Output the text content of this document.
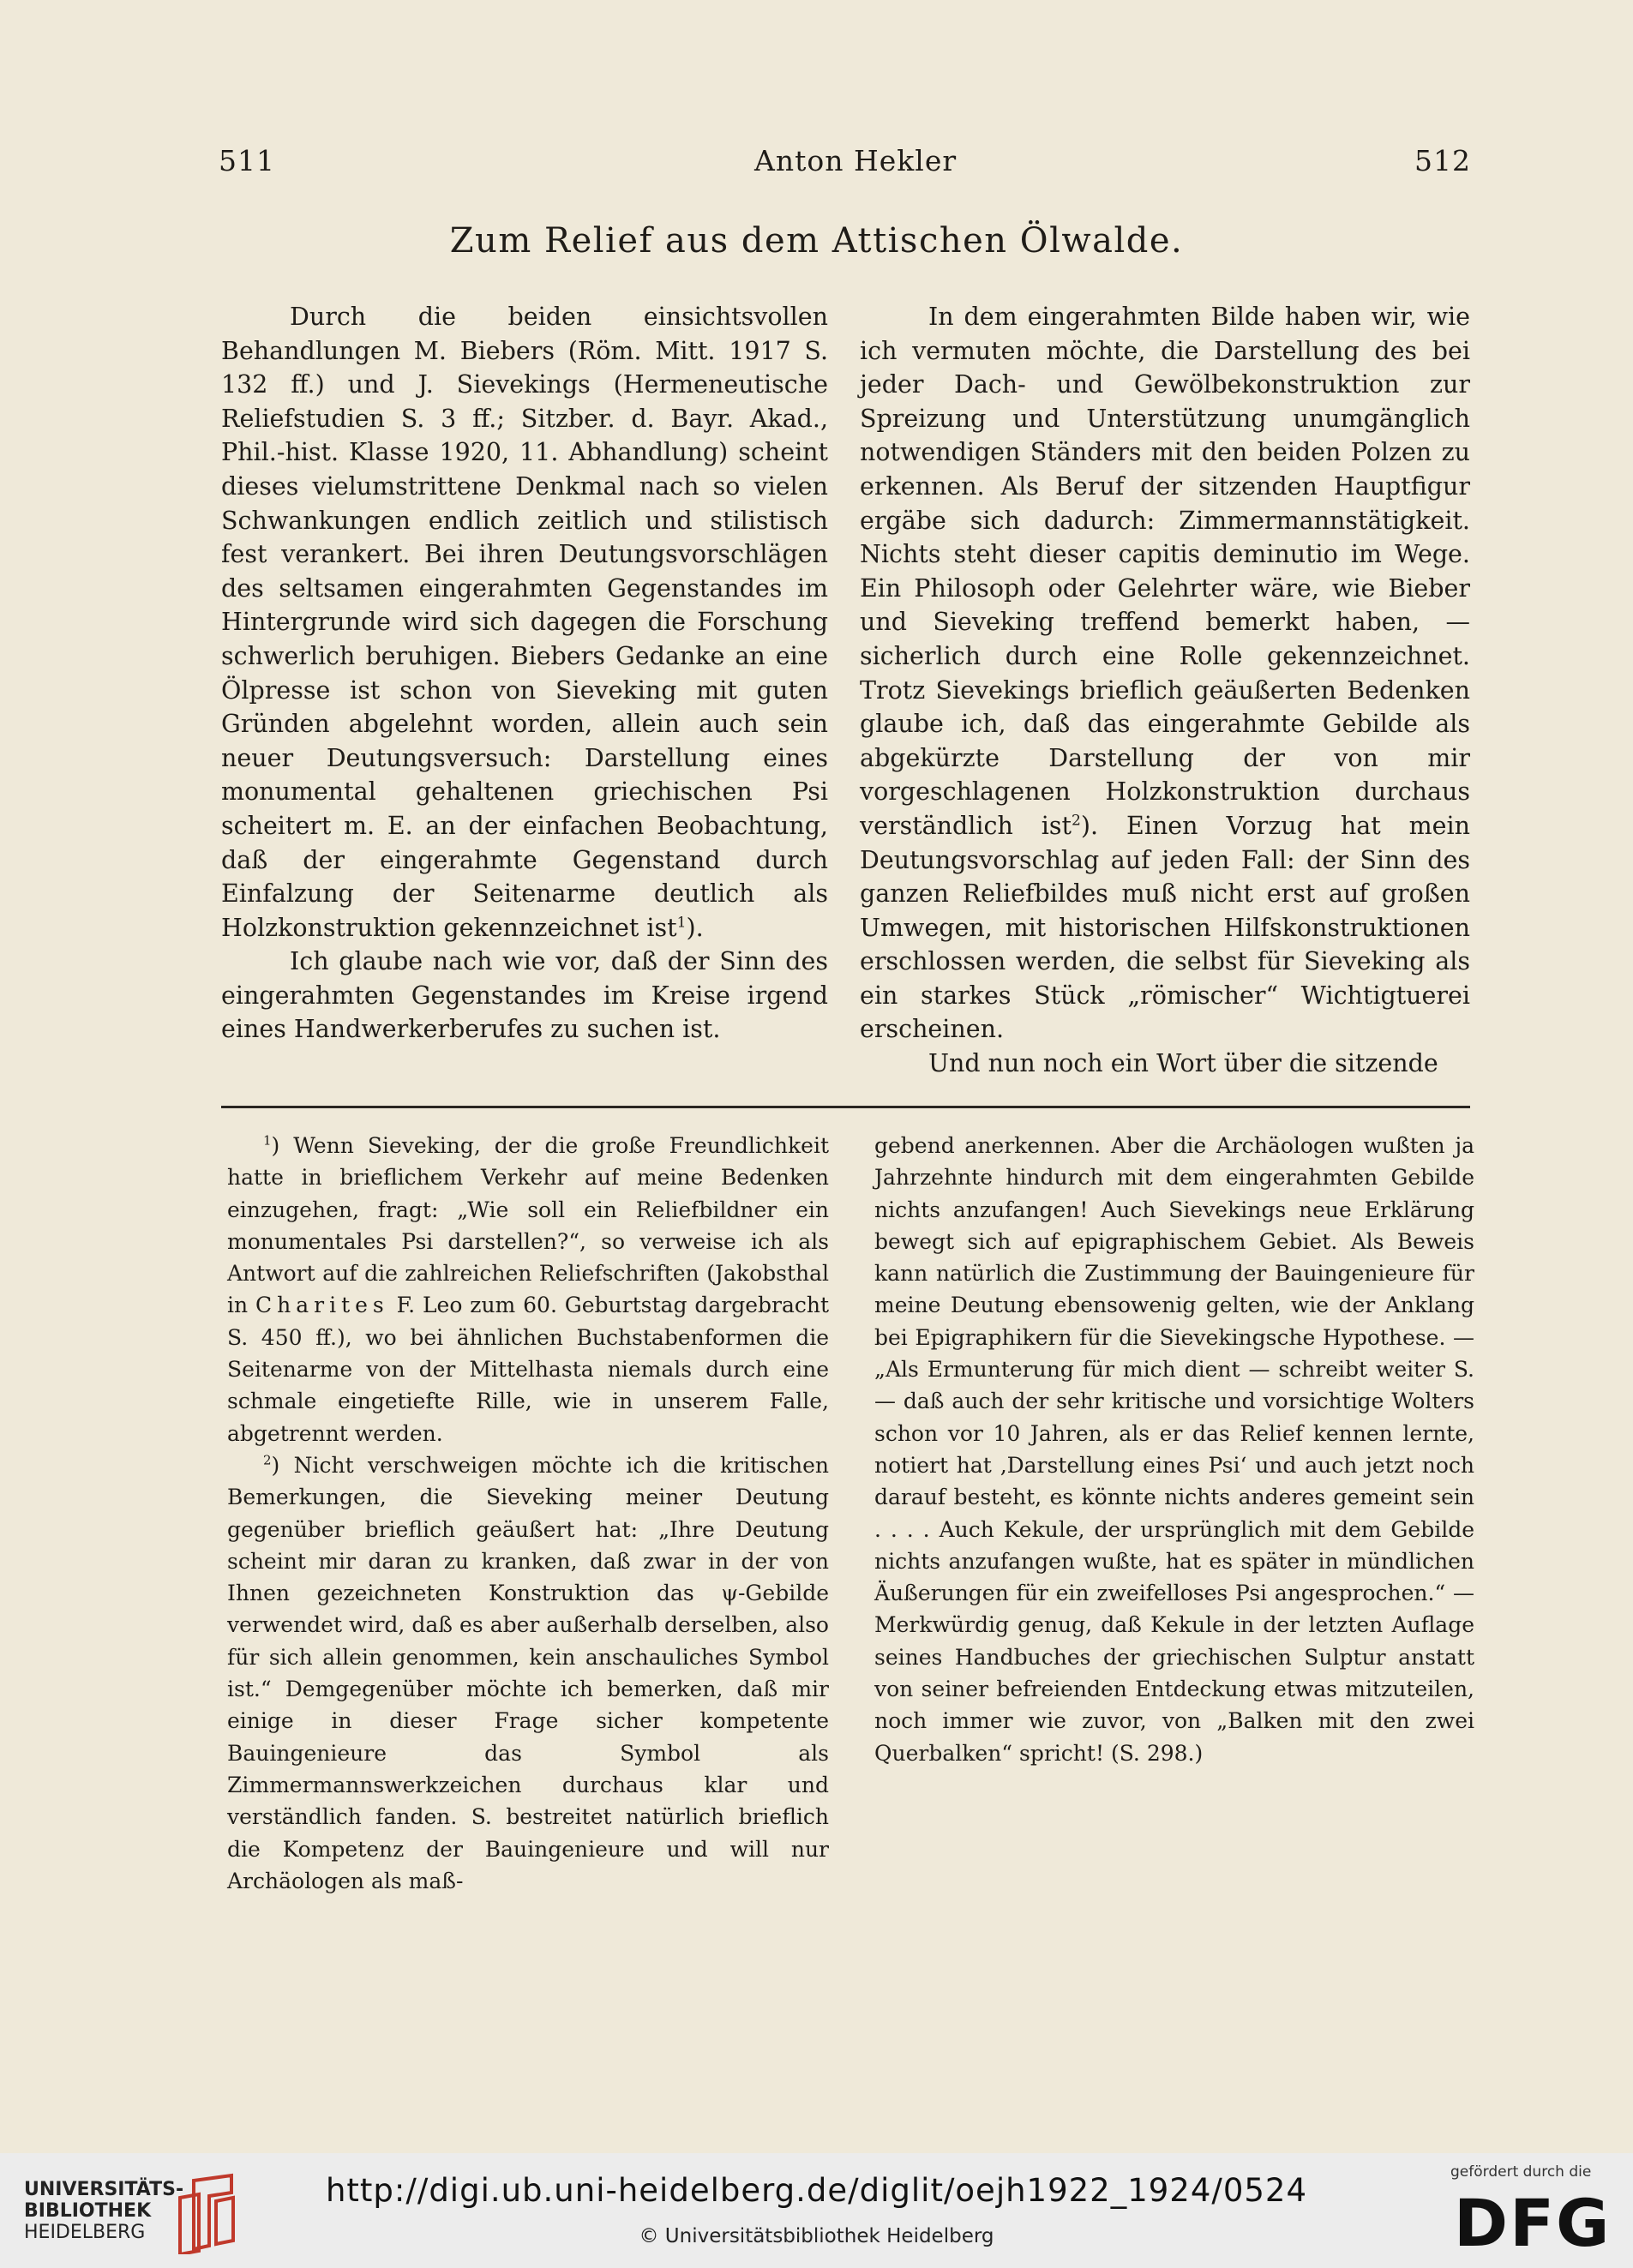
511	Anton Hekler	512
Zum Relief aus dem Attischen Ölwalde.

Durch die beiden einsichtsvollen Behandlungen M. Biebers (Röm. Mitt. 1917 S. 132 ff.) und J. Sievekings (Hermeneutische Reliefstudien S. 3 ff.; Sitzber. d. Bayr. Akad., Phil.-hist. Klasse 1920, 11. Abhandlung) scheint dieses vielumstrittene Denkmal nach so vielen Schwankungen endlich zeitlich und stilistisch fest verankert. Bei ihren Deutungsvorschlägen des seltsamen eingerahmten Gegenstandes im Hintergrunde wird sich dagegen die Forschung schwerlich beruhigen. Biebers Gedanke an eine Ölpresse ist schon von Sieveking mit guten Gründen abgelehnt worden, allein auch sein neuer Deutungsversuch: Darstellung eines monumental gehaltenen griechischen Psi scheitert m. E. an der einfachen Beobachtung, daß der eingerahmte Gegenstand durch Einfalzung der Seitenarme deutlich als Holzkonstruktion gekennzeichnet ist$^1$).

Ich glaube nach wie vor, daß der Sinn des eingerahmten Gegenstandes im Kreise irgend eines Handwerkerberufes zu suchen ist.

In dem eingerahmten Bilde haben wir, wie ich vermuten möchte, die Darstellung des bei jeder Dach- und Gewölbekonstruktion zur Spreizung und Unterstützung unumgänglich notwendigen Ständers mit den beiden Polzen zu erkennen. Als Beruf der sitzenden Hauptfigur ergäbe sich dadurch: Zimmermannstätigkeit. Nichts steht dieser capitis deminutio im Wege. Ein Philosoph oder Gelehrter wäre, wie Bieber und Sieveking treffend bemerkt haben, — sicherlich durch eine Rolle gekennzeichnet. Trotz Sievekings brieflich geäußerten Bedenken glaube ich, daß das eingerahmte Gebilde als abgekürzte Darstellung der von mir vorgeschlagenen Holzkonstruktion durchaus verständlich ist$^2$). Einen Vorzug hat mein Deutungsvorschlag auf jeden Fall: der Sinn des ganzen Reliefbildes muß nicht erst auf großen Umwegen, mit historischen Hilfskonstruktionen erschlossen werden, die selbst für Sieveking als ein starkes Stück „römischer“ Wichtigtuerei erscheinen.

Und nun noch ein Wort über die sitzende

$^1$) Wenn Sieveking, der die große Freundlichkeit hatte in brieflichem Verkehr auf meine Bedenken einzugehen, fragt: „Wie soll ein Reliefbildner ein monumentales Psi darstellen?“, so verweise ich als Antwort auf die zahlreichen Reliefschriften (Jakobsthal in Charites F. Leo zum 60. Geburtstag dargebracht S. 450 ff.), wo bei ähnlichen Buchstabenformen die Seitenarme von der Mittelhasta niemals durch eine schmale eingetiefte Rille, wie in unserem Falle, abgetrennt werden.

$^2$) Nicht verschweigen möchte ich die kritischen Bemerkungen, die Sieveking meiner Deutung gegenüber brieflich geäußert hat: „Ihre Deutung scheint mir daran zu kranken, daß zwar in der von Ihnen gezeichneten Konstruktion das ψ-Gebilde verwendet wird, daß es aber außerhalb derselben, also für sich allein genommen, kein anschauliches Symbol ist.“ Demgegenüber möchte ich bemerken, daß mir einige in dieser Frage sicher kompetente Bauingenieure das Symbol als Zimmermannswerkzeichen durchaus klar und verständlich fanden. S. bestreitet natürlich brieflich die Kompetenz der Bauingenieure und will nur Archäologen als maß-

gebend anerkennen. Aber die Archäologen wußten ja Jahrzehnte hindurch mit dem eingerahmten Gebilde nichts anzufangen! Auch Sievekings neue Erklärung bewegt sich auf epigraphischem Gebiet. Als Beweis kann natürlich die Zustimmung der Bauingenieure für meine Deutung ebensowenig gelten, wie der Anklang bei Epigraphikern für die Sievekingsche Hypothese. — „Als Ermunterung für mich dient — schreibt weiter S. — daß auch der sehr kritische und vorsichtige Wolters schon vor 10 Jahren, als er das Relief kennen lernte, notiert hat ‚Darstellung eines Psi‘ und auch jetzt noch darauf besteht, es könnte nichts anderes gemeint sein . . . . Auch Kekule, der ursprünglich mit dem Gebilde nichts anzufangen wußte, hat es später in mündlichen Äußerungen für ein zweifelloses Psi angesprochen.“ — Merkwürdig genug, daß Kekule in der letzten Auflage seines Handbuches der griechischen Sulptur anstatt von seiner befreienden Entdeckung etwas mitzuteilen, noch immer wie zuvor, von „Balken mit den zwei Querbalken“ spricht! (S. 298.)

UNIVERSITÄTS-
BIBLIOTHEK
HEIDELBERG
http://digi.ub.uni-heidelberg.de/diglit/oejh1922_1924/0524
© Universitätsbibliothek Heidelberg
gefördert durch die
DFG
